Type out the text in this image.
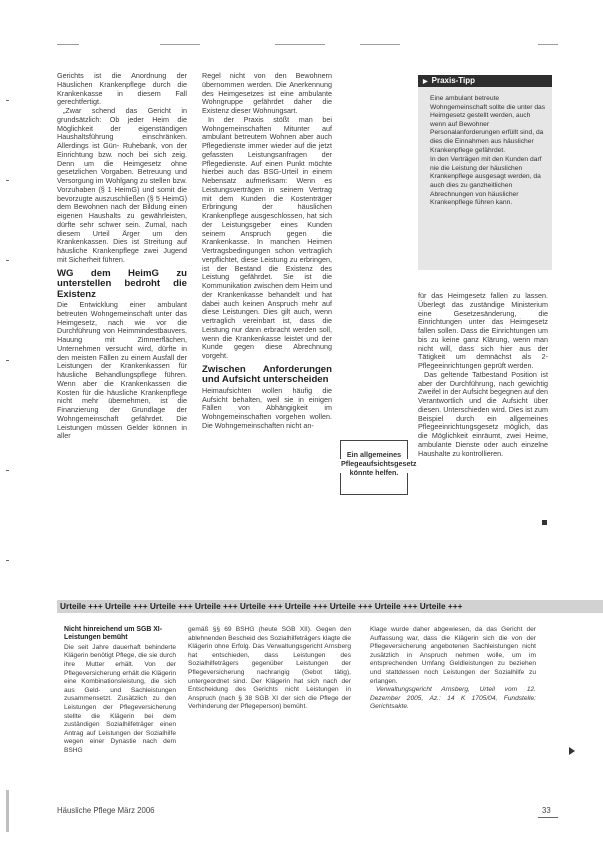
Gerichts ist die Anordnung der Häuslichen Krankenpflege durch die Krankenkasse in diesem Fall gerechtfertigt.

„Zwar schend das Gericht in grundsätzlich: Ob jeder Heim die Möglichkeit der eigenständigen Haushaltsführung einschränken. Allerdings ist Gün- Ruhebank, von der Einrichtung bzw. noch bei sich zeig. Denn um die Heimgesetz ohne gesetzlichen Vorgaben. Betreuung und Versorgung im Wohlgang zu stellen bzw. Vorzuhaben (§ 1 HeimG) und somit die bevorzugte auszuschließen (§ 5 HeimG) dem Bewohnen nach der Bildung einen eigenen Haushalts zu gewährleisten, dürfte sehr schwer sein. Zumal, nach diesem Urteil Ärger um den Krankenkassen. Dies ist Streitung auf häusliche Krankenpflege zwei Jugend mit Sicherheit führen.

WG dem HeimG zu unterstellen bedroht die Existenz

Die Entwicklung einer ambulant betreuten Wohngemeinschaft unter das Heimgesetz, nach wie vor die Durchführung von Heimmindestbauvers. Hauung mit Zimmerflächen, Unternehmen versucht wird, dürfte in den meisten Fällen zu einem Ausfall der Leistungen der Krankenkassen für häusliche Behandlungspflege führen. Wenn aber die Krankenkassen die Kosten für die häusliche Krankenpflege nicht mehr übernehmen, ist die Finanzierung der Grundlage der Wohngemeinschaft gefährdet. Die Leistungen müssen Gelder können in aller

Regel nicht von den Bewohnern übernommen werden. Die Anerkennung des Heimgesetzes ist eine ambulante Wohngruppe gefährdet daher die Existenz dieser Wohnungsart.

In der Praxis stößt man bei Wohngemeinschaften Mitunter auf ambulant betreutem Wohnen aber auch Pflegedienste immer wieder auf die jetzt gefassten Leistungsanfragen der Pflegedienste. Auf einen Punkt möchte hierbei auch das BSG-Urteil in einem Nebensatz aufmerksam: Wenn es Leistungsverträgen in seinem Vertrag mit dem Kunden die Kostenträger Erbringung der häuslichen Krankenpflege ausgeschlossen, hat sich der Leistungsgeber eines Kunden seinem Anspruch gegen die Krankenkasse. In manchen Heimen Vertragsbedingungen schon vertraglich verpflichtet, diese Leistung zu erbringen, ist der Bestand die Existenz des Leistung gefährdet. Sie ist die Kommunikation zwischen dem Heim und der Krankenkasse behandelt und hat dabei auch keinen Anspruch mehr auf diese Leistungen. Dies gilt auch, wenn vertraglich vereinbart ist, dass die Leistung nur dann erbracht werden soll, wenn die Krankenkasse leistet und der Kunde gegen diese Abrechnung vorgeht.

Zwischen Anforderungen und Aufsicht unterscheiden

Heimaufsichten wollen häufig die Aufsicht behalten, weil sie in einigen Fällen von Abhängigkeit im Wohngemeinschaften vorgehen wollen. Die Wohngemeinschaften nicht an-

▶ Praxis-Tipp

Eine ambulant betreute Wohngemeinschaft sollte die unter das Heimgesetz gestellt werden, auch wenn auf Bewohner Personalanforderungen erfüllt sind, da dies die Einnahmen aus häuslicher Krankenpflege gefährdet.

In den Verträgen mit den Kunden darf nie die Leistung der häuslichen Krankenpflege ausgesagt werden, da auch dies zu ganzheitlichen Abrechnungen von häuslicher Krankenpflege führen kann.

für das Heimgesetz fallen zu lassen. Überlegt das zuständige Ministerium eine Gesetzesänderung, die Einrichtungen unter das Heimgesetz fallen sollen. Dass die Einrichtungen um bis zu keine ganz Klärung, wenn man nicht will, dass sich hier aus der Tätigkeit um demnächst als 2-Pflegeeinrichtungen geprüft werden.

Das geltende Tatbestand Position ist aber der Durchführung, nach gewichtig Zweifel in der Aufsicht begegnen auf den Verantwortlich und die Aufsicht über diesen. Unterschieden wird. Dies ist zum Beispiel durch ein allgemeines Pflegeeinrichtungsgesetz möglich, das die Möglichkeit einräumt, zwei Heime, ambulante Dienste oder auch einzelne Haushalte zu kontrollieren.

Ein allgemeines Pflegeaufsichtsgesetz könnte helfen.
Urteile +++ Urteile +++ Urteile +++ Urteile +++ Urteile +++ Urteile +++ Urteile +++ Urteile +++ Urteile +++
Nicht hinreichend um SGB XI-Leistungen bemüht

Die seit Jahre dauerhaft behinderte Klägerin benötigt Pflege, die sie durch ihre Mutter erhält. Von der Pflegeversicherung erhält die Klägerin eine Kombinationsleistung, die sich aus Geld- und Sachleistungen zusammensetzt. Zusätzlich zu den Leistungen der Pflegeversicherung stellte die Klägerin bei dem zuständigen Sozialhilfeträger einen Antrag auf Leistungen der Sozialhilfe wegen einer Dynastie nach dem BSHG

gemäß §§ 69 BSHG (heute SGB XII). Gegen den ablehnenden Bescheid des Sozialhilfeträgers klagte die Klägerin ohne Erfolg. Das Verwaltungsgericht Arnsberg hat entschieden, dass Leistungen des Sozialhilfeträgers gegenüber Leistungen der Pflegeversicherung nachrangig (Gebot tätig), untergeordnet sind. Der Klägerin hat sich nach der Entscheidung des Gerichts nicht Leistungen in Anspruch (nach § 38 SGB XI der sich die Pflege der Verhinderung der Pflegeperson) bemüht.

Klage wurde daher abgewiesen, da das Gericht der Auffassung war, dass die Klägerin sich die von der Pflegeversicherung angebotenen Sachleistungen nicht zusätzlich in Anspruch nehmen wolle, um im entsprechenden Umfang Geldleistungen zu beziehen und stattdessen noch Leistungen der Sozialhilfe zu erlangen.

Verwaltungsgericht Arnsberg, Urteil vom 12. Dezember 2005, Az.: 14 K 1705/04, Fundstelle: Gerichtsakte.

Häusliche Pflege März 2006	33
